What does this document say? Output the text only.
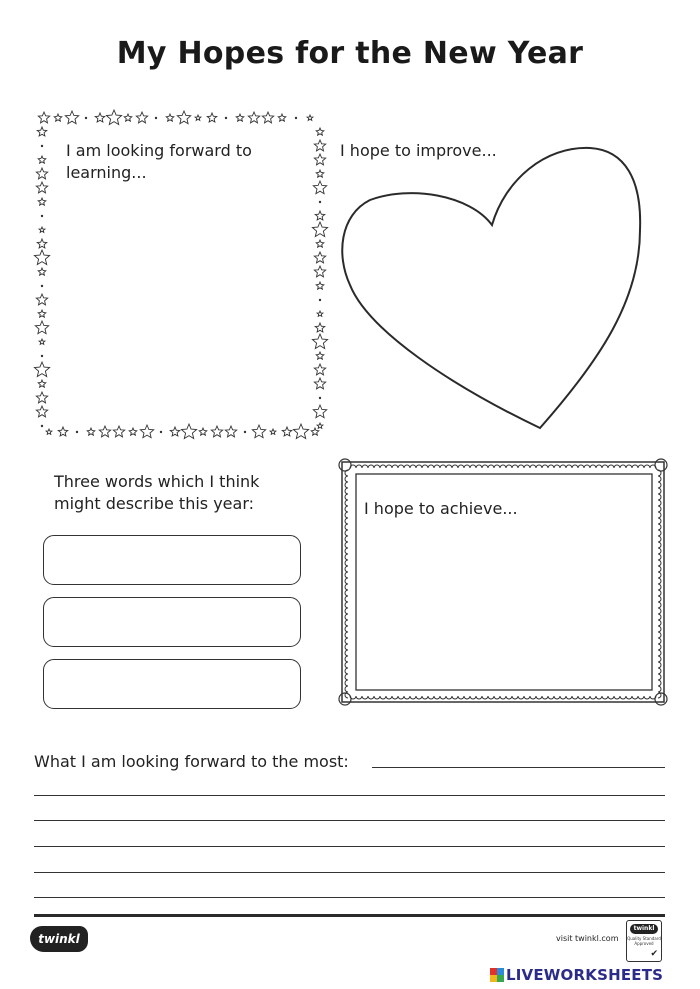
My Hopes for the New Year
I am looking forward to
learning...
I hope to improve...
Three words which I think
might describe this year:	I hope to achieve...
What I am looking forward to the most:
twinkl	visit twinkl.com
twinkl
Quality Standard Approved
✔
LIVEWORKSHEETS
